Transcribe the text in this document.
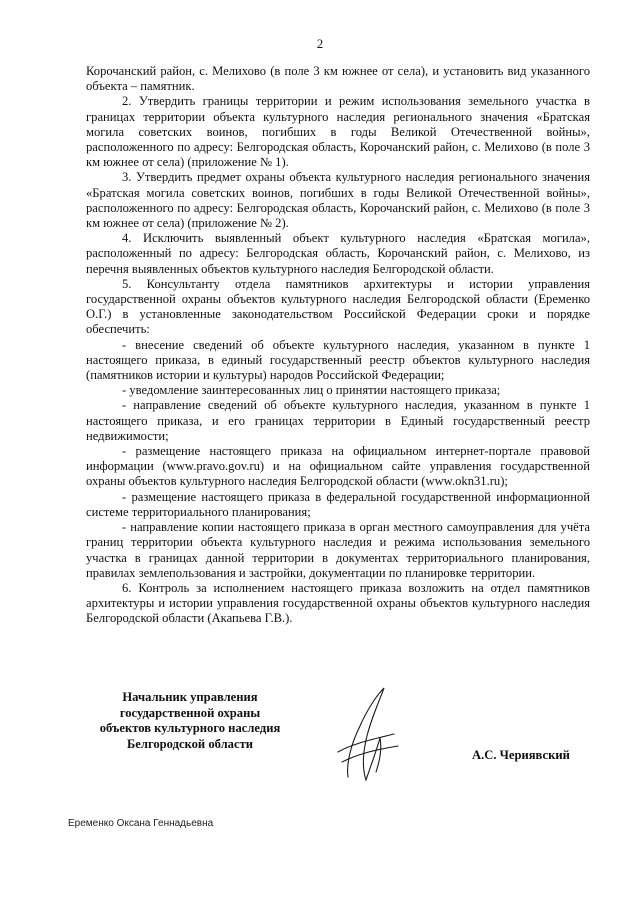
2

Корочанский район, с. Мелихово (в поле 3 км южнее от села), и установить вид указанного объекта – памятник.

2. Утвердить границы территории и режим использования земельного участка в границах территории объекта культурного наследия регионального значения «Братская могила советских воинов, погибших в годы Великой Отечественной войны», расположенного по адресу: Белгородская область, Корочанский район, с. Мелихово (в поле 3 км южнее от села) (приложение № 1).

3. Утвердить предмет охраны объекта культурного наследия регионального значения «Братская могила советских воинов, погибших в годы Великой Отечественной войны», расположенного по адресу: Белгородская область, Корочанский район, с. Мелихово (в поле 3 км южнее от села) (приложение № 2).

4. Исключить выявленный объект культурного наследия «Братская могила», расположенный по адресу: Белгородская область, Корочанский район, с. Мелихово, из перечня выявленных объектов культурного наследия Белгородской области.

5. Консультанту отдела памятников архитектуры и истории управления государственной охраны объектов культурного наследия Белгородской области (Еременко О.Г.) в установленные законодательством Российской Федерации сроки и порядке обеспечить:

- внесение сведений об объекте культурного наследия, указанном в пункте 1 настоящего приказа, в единый государственный реестр объектов культурного наследия (памятников истории и культуры) народов Российской Федерации;

- уведомление заинтересованных лиц о принятии настоящего приказа;

- направление сведений об объекте культурного наследия, указанном в пункте 1 настоящего приказа, и его границах территории в Единый государственный реестр недвижимости;

- размещение настоящего приказа на официальном интернет-портале правовой информации (www.pravo.gov.ru) и на официальном сайте управления государственной охраны объектов культурного наследия Белгородской области (www.okn31.ru);

- размещение настоящего приказа в федеральной государственной информационной системе территориального планирования;

- направление копии настоящего приказа в орган местного самоуправления для учёта границ территории объекта культурного наследия и режима использования земельного участка в границах данной территории в документах территориального планирования, правилах землепользования и застройки, документации по планировке территории.

6. Контроль за исполнением настоящего приказа возложить на отдел памятников архитектуры и истории управления государственной охраны объектов культурного наследия Белгородской области (Акапьева Г.В.).

Начальник управления
государственной охраны
объектов культурного наследия
Белгородской области
А.С. Чериявский
Еременко Оксана Геннадьевна
